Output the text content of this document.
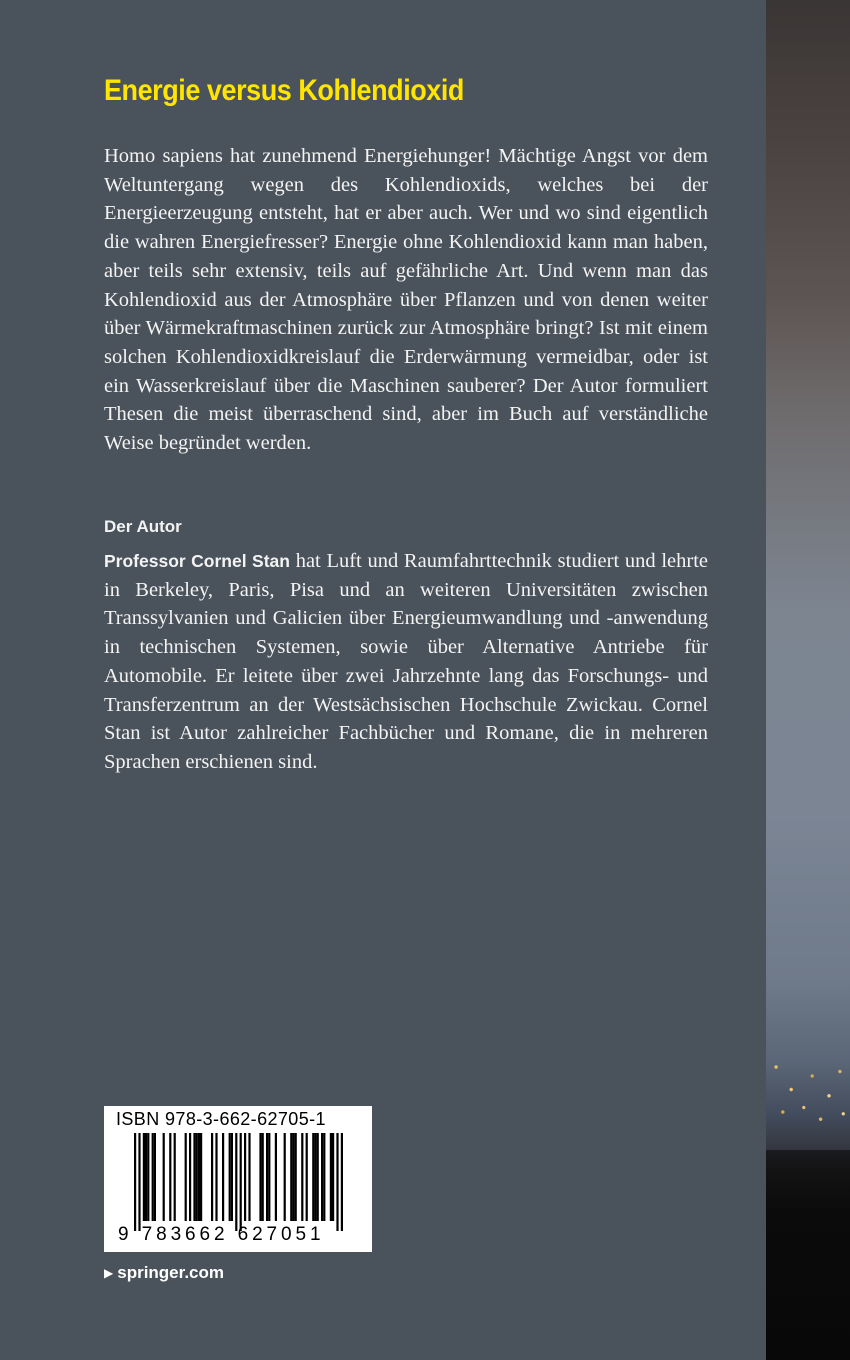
Energie versus Kohlendioxid

Homo sapiens hat zunehmend Energiehunger! Mächtige Angst vor dem Weltuntergang wegen des Kohlendioxids, welches bei der Energieerzeugung entsteht, hat er aber auch. Wer und wo sind eigentlich die wahren Energiefresser? Energie ohne Kohlendioxid kann man haben, aber teils sehr extensiv, teils auf gefährliche Art. Und wenn man das Kohlendioxid aus der Atmosphäre über Pflanzen und von denen weiter über Wärmekraftmaschinen zurück zur Atmosphäre bringt? Ist mit einem solchen Kohlendioxidkreislauf die Erderwärmung vermeidbar, oder ist ein Wasserkreislauf über die Maschinen sauberer? Der Autor formuliert Thesen die meist überraschend sind, aber im Buch auf verständliche Weise begründet werden.

Der Autor

Professor Cornel Stan hat Luft und Raumfahrttechnik studiert und lehrte in Berkeley, Paris, Pisa und an weiteren Universitäten zwischen Transsylvanien und Galicien über Energieumwandlung und -anwendung in technischen Systemen, sowie über Alternative Antriebe für Automobile. Er leitete über zwei Jahrzehnte lang das Forschungs- und Transferzentrum an der Westsächsischen Hochschule Zwickau. Cornel Stan ist Autor zahlreicher Fachbücher und Romane, die in mehreren Sprachen erschienen sind.

ISBN 978-3-662-62705-1
9 783662 627051
▶ springer.com
